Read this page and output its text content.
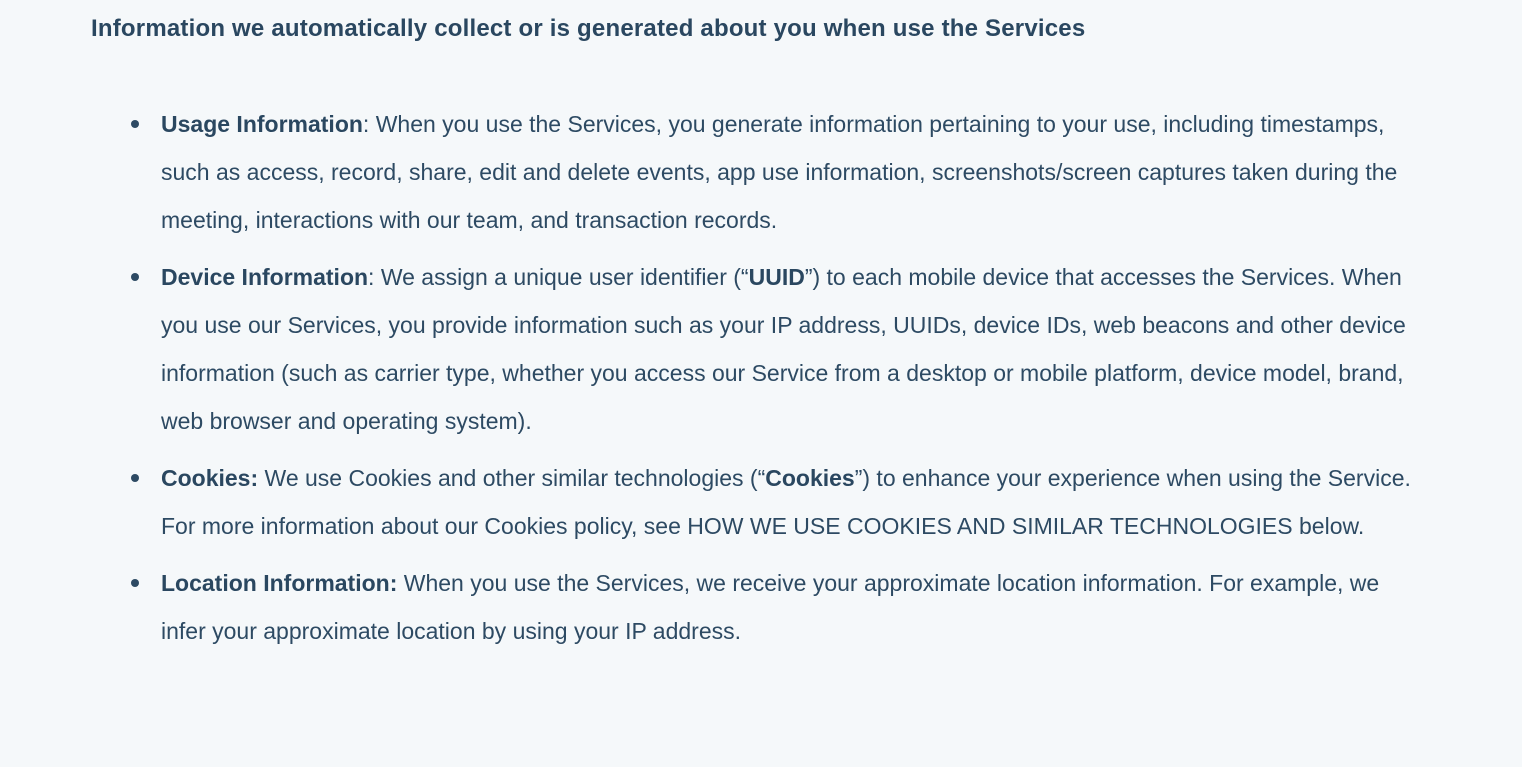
Information we automatically collect or is generated about you when use the Services
Usage Information: When you use the Services, you generate information pertaining to your use, including timestamps, such as access, record, share, edit and delete events, app use information, screenshots/screen captures taken during the meeting, interactions with our team, and transaction records.
Device Information: We assign a unique user identifier (“UUID”) to each mobile device that accesses the Services. When you use our Services, you provide information such as your IP address, UUIDs, device IDs, web beacons and other device information (such as carrier type, whether you access our Service from a desktop or mobile platform, device model, brand, web browser and operating system).
Cookies: We use Cookies and other similar technologies (“Cookies”) to enhance your experience when using the Service. For more information about our Cookies policy, see HOW WE USE COOKIES AND SIMILAR TECHNOLOGIES below.
Location Information: When you use the Services, we receive your approximate location information. For example, we infer your approximate location by using your IP address.
